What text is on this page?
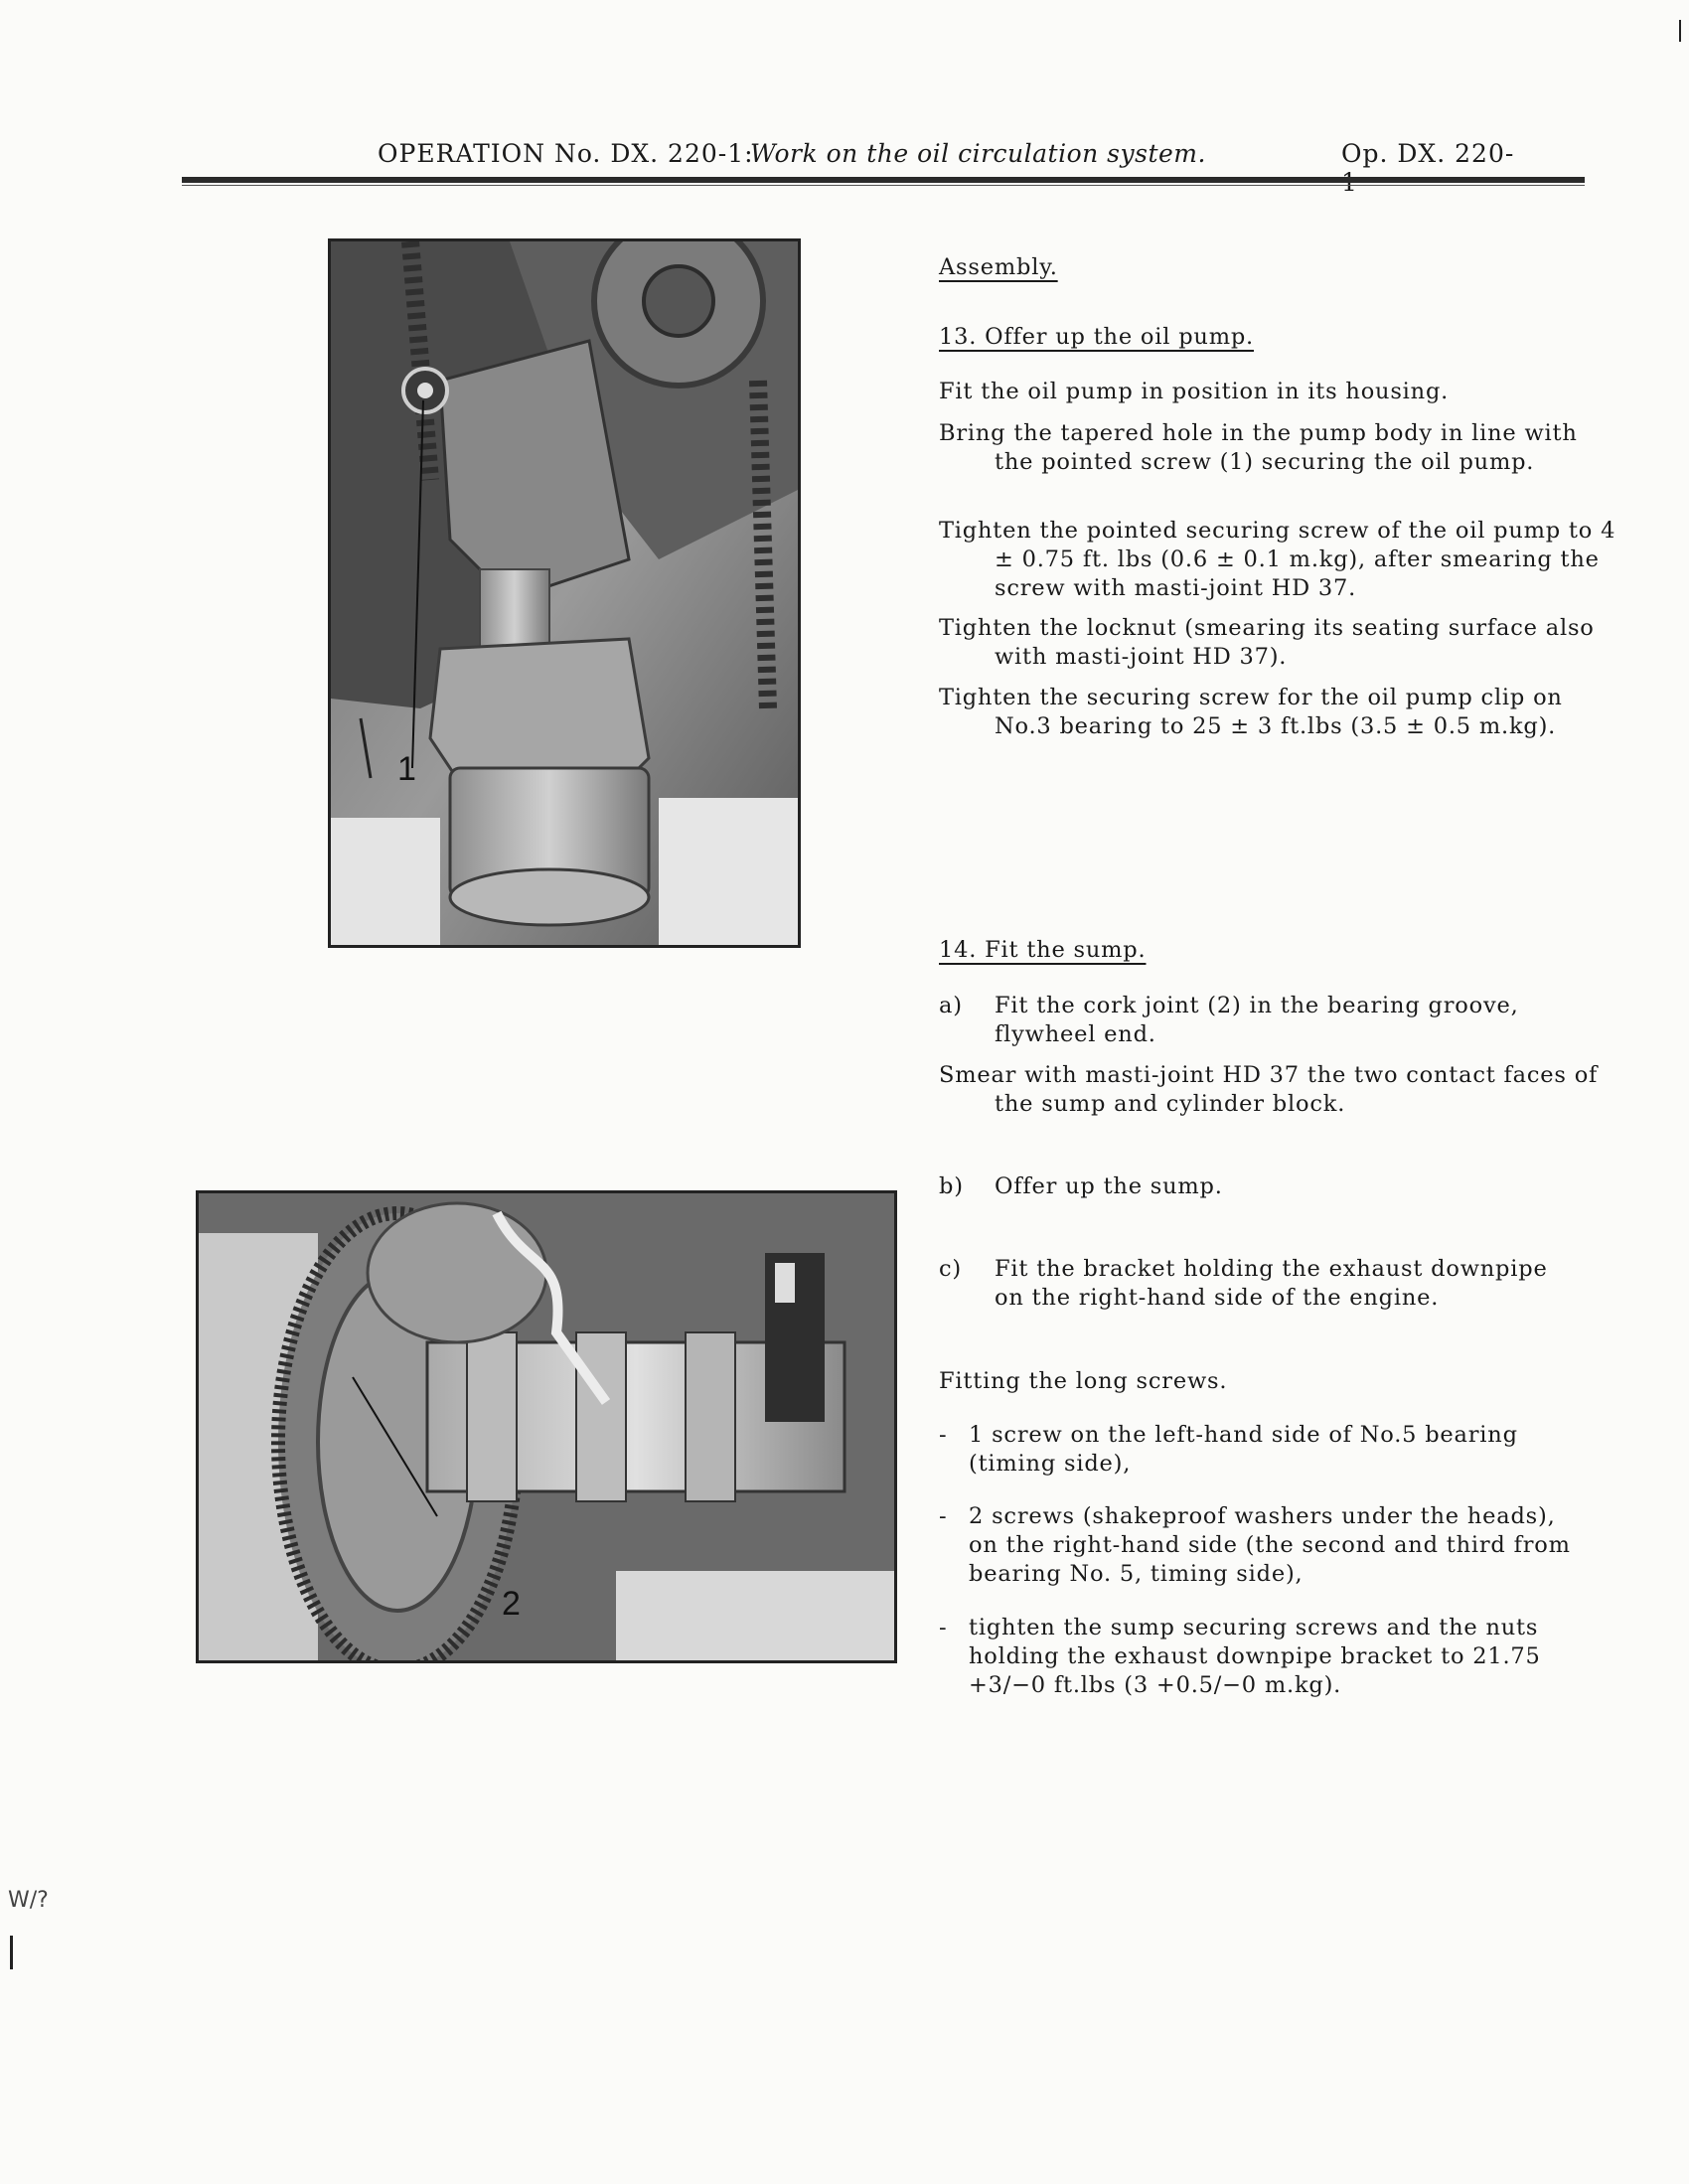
OPERATION No. DX. 220-1:
Work on the oil circulation system.	Op. DX. 220-
1
2
Assembly.
13. Offer up the oil pump.
Fit the oil pump in position in its housing.
Bring the tapered hole in the pump body in line with the pointed screw (1) securing the oil pump.
Tighten the pointed securing screw of the oil pump to 4 ± 0.75 ft. lbs (0.6 ± 0.1 m.kg), after smearing the screw with masti-joint HD 37.
Tighten the locknut (smearing its seating surface also with masti-joint HD 37).
Tighten the securing screw for the oil pump clip on No.3 bearing to 25 ± 3 ft.lbs (3.5 ± 0.5 m.kg).
14. Fit the sump.
a)	Fit the cork joint (2) in the bearing groove, flywheel end.
Smear with masti-joint HD 37 the two contact faces of the sump and cylinder block.
b)	Offer up the sump.
c)	Fit the bracket holding the exhaust downpipe on the right-hand side of the engine.
Fitting the long screws.
- 1 screw on the left-hand side of No.5 bearing (timing side),
- 2 screws (shakeproof washers under the heads), on the right-hand side (the second and third from bearing No. 5, timing side),
- tighten the sump securing screws and the nuts holding the exhaust downpipe bracket to 21.75 +3/−0 ft.lbs (3 +0.5/−0 m.kg).
W/?
